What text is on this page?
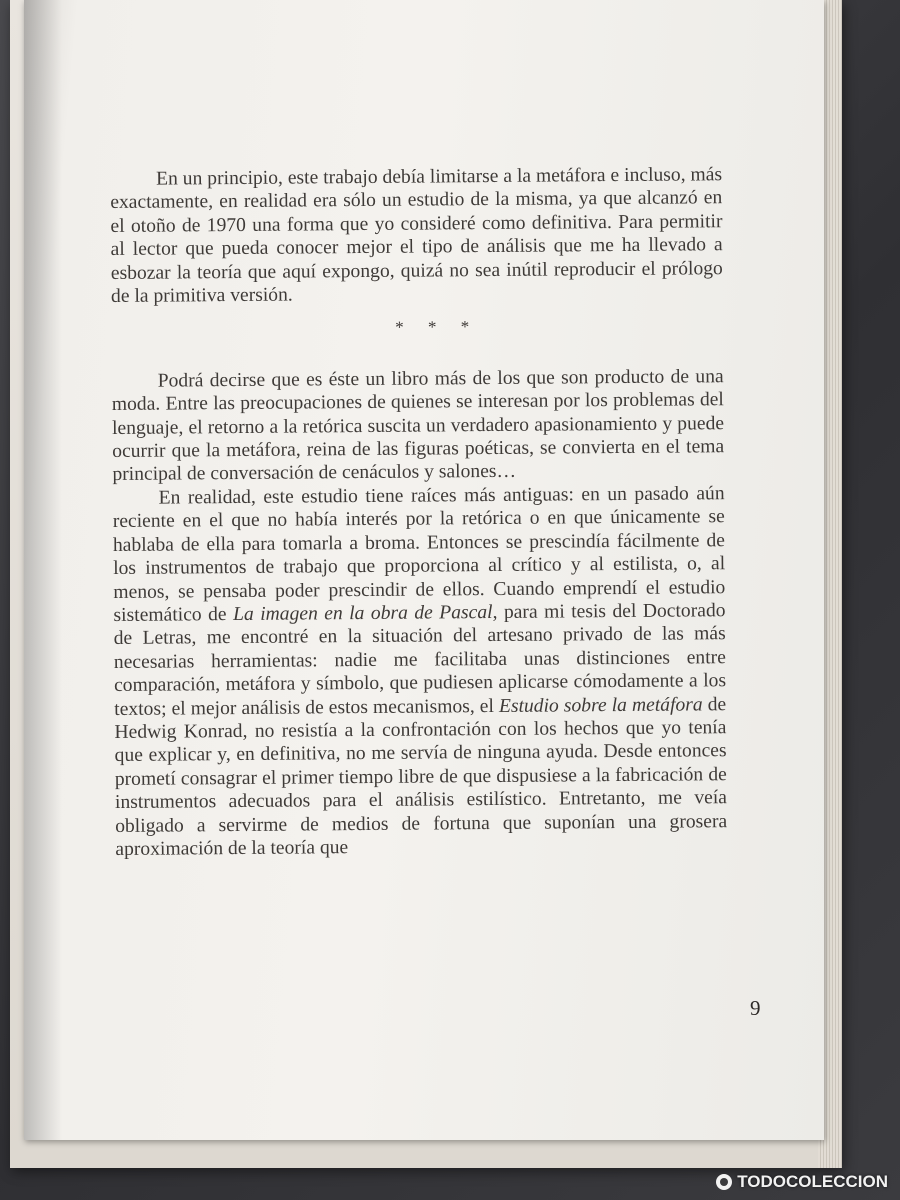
En un principio, este trabajo debía limitarse a la metáfora e incluso, más exactamente, en realidad era sólo un estudio de la misma, ya que alcanzó en el otoño de 1970 una forma que yo consideré como definitiva. Para permitir al lector que pueda conocer mejor el tipo de análisis que me ha llevado a esbozar la teoría que aquí expongo, quizá no sea inútil reproducir el prólogo de la primitiva versión.

* * *

Podrá decirse que es éste un libro más de los que son producto de una moda. Entre las preocupaciones de quienes se interesan por los problemas del lenguaje, el retorno a la retórica suscita un verdadero apasionamiento y puede ocurrir que la metáfora, reina de las figuras poéticas, se convierta en el tema principal de conversación de cenáculos y salones…

En realidad, este estudio tiene raíces más antiguas: en un pasado aún reciente en el que no había interés por la retórica o en que únicamente se hablaba de ella para tomarla a broma. Entonces se prescindía fácilmente de los instrumentos de trabajo que proporciona al crítico y al estilista, o, al menos, se pensaba poder prescindir de ellos. Cuando emprendí el estudio sistemático de La imagen en la obra de Pascal, para mi tesis del Doctorado de Letras, me encontré en la situación del artesano privado de las más necesarias herramientas: nadie me facilitaba unas distinciones entre comparación, metáfora y símbolo, que pudiesen aplicarse cómodamente a los textos; el mejor análisis de estos mecanismos, el Estudio sobre la metáfora de Hedwig Konrad, no resistía a la confrontación con los hechos que yo tenía que explicar y, en definitiva, no me servía de ninguna ayuda. Desde entonces prometí consagrar el primer tiempo libre de que dispusiese a la fabricación de instrumentos adecuados para el análisis estilístico. Entretanto, me veía obligado a servirme de medios de fortuna que suponían una grosera aproximación de la teoría que

9
TODOCOLECCION
